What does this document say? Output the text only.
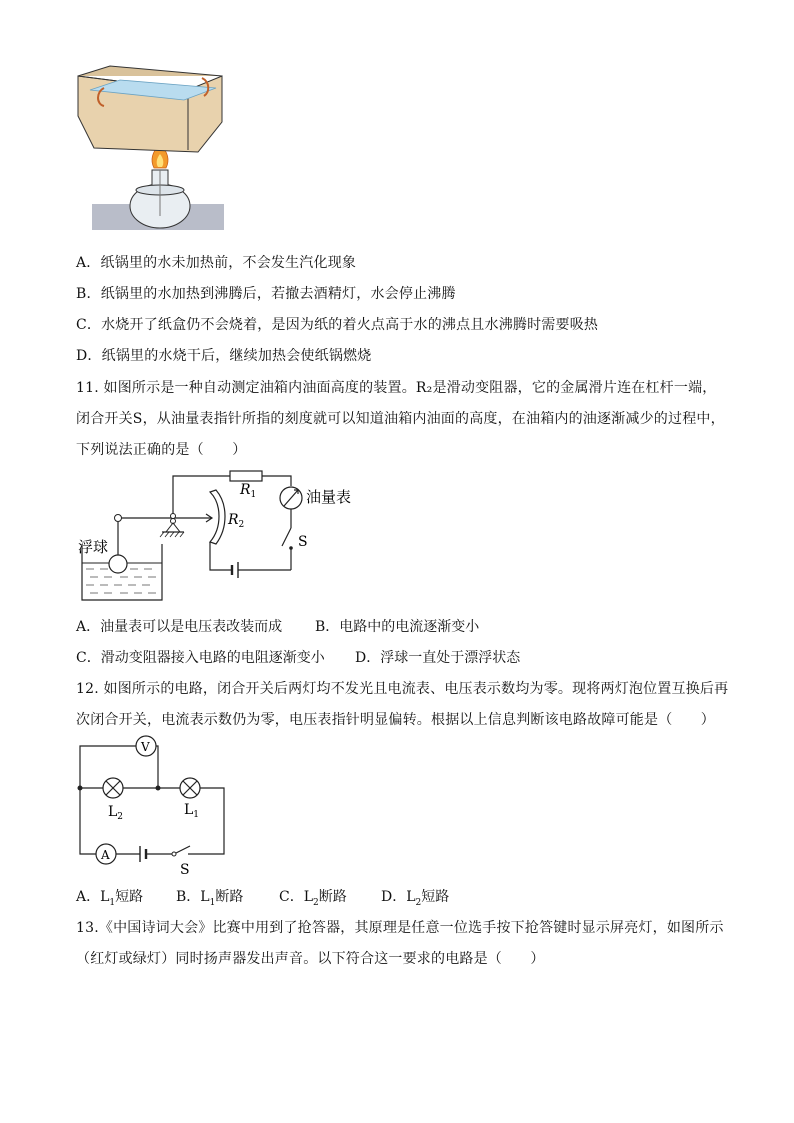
A．纸锅里的水未加热前，不会发生汽化现象
B．纸锅里的水加热到沸腾后，若撤去酒精灯，水会停止沸腾
C．水烧开了纸盒仍不会烧着，是因为纸的着火点高于水的沸点且水沸腾时需要吸热
D．纸锅里的水烧干后，继续加热会使纸锅燃烧
11. 如图所示是一种自动测定油箱内油面高度的装置。R₂是滑动变阻器，它的金属滑片连在杠杆一端，
闭合开关S，从油量表指针所指的刻度就可以知道油箱内油面的高度，在油箱内的油逐渐减少的过程中，
下列说法正确的是（　　）
$R_1$
$R_2$
油量表
浮球	S
A．油量表可以是电压表改装而成 B．电路中的电流逐渐变小
C．滑动变阻器接入电路的电阻逐渐变小 D．浮球一直处于漂浮状态
12. 如图所示的电路，闭合开关后两灯均不发光且电流表、电压表示数均为零。现将两灯泡位置互换后再
次闭合开关，电流表示数仍为零，电压表指针明显偏转。根据以上信息判断该电路故障可能是（　　）
V
A
$L_2$	$L_1$
S
A．$L_1$短路 B．$L_1$断路	C．$L_2$断路 D．$L_2$短路
13.《中国诗词大会》比赛中用到了抢答器，其原理是任意一位选手按下抢答键时显示屏亮灯，如图所示
（红灯或绿灯）同时扬声器发出声音。以下符合这一要求的电路是（　　）
